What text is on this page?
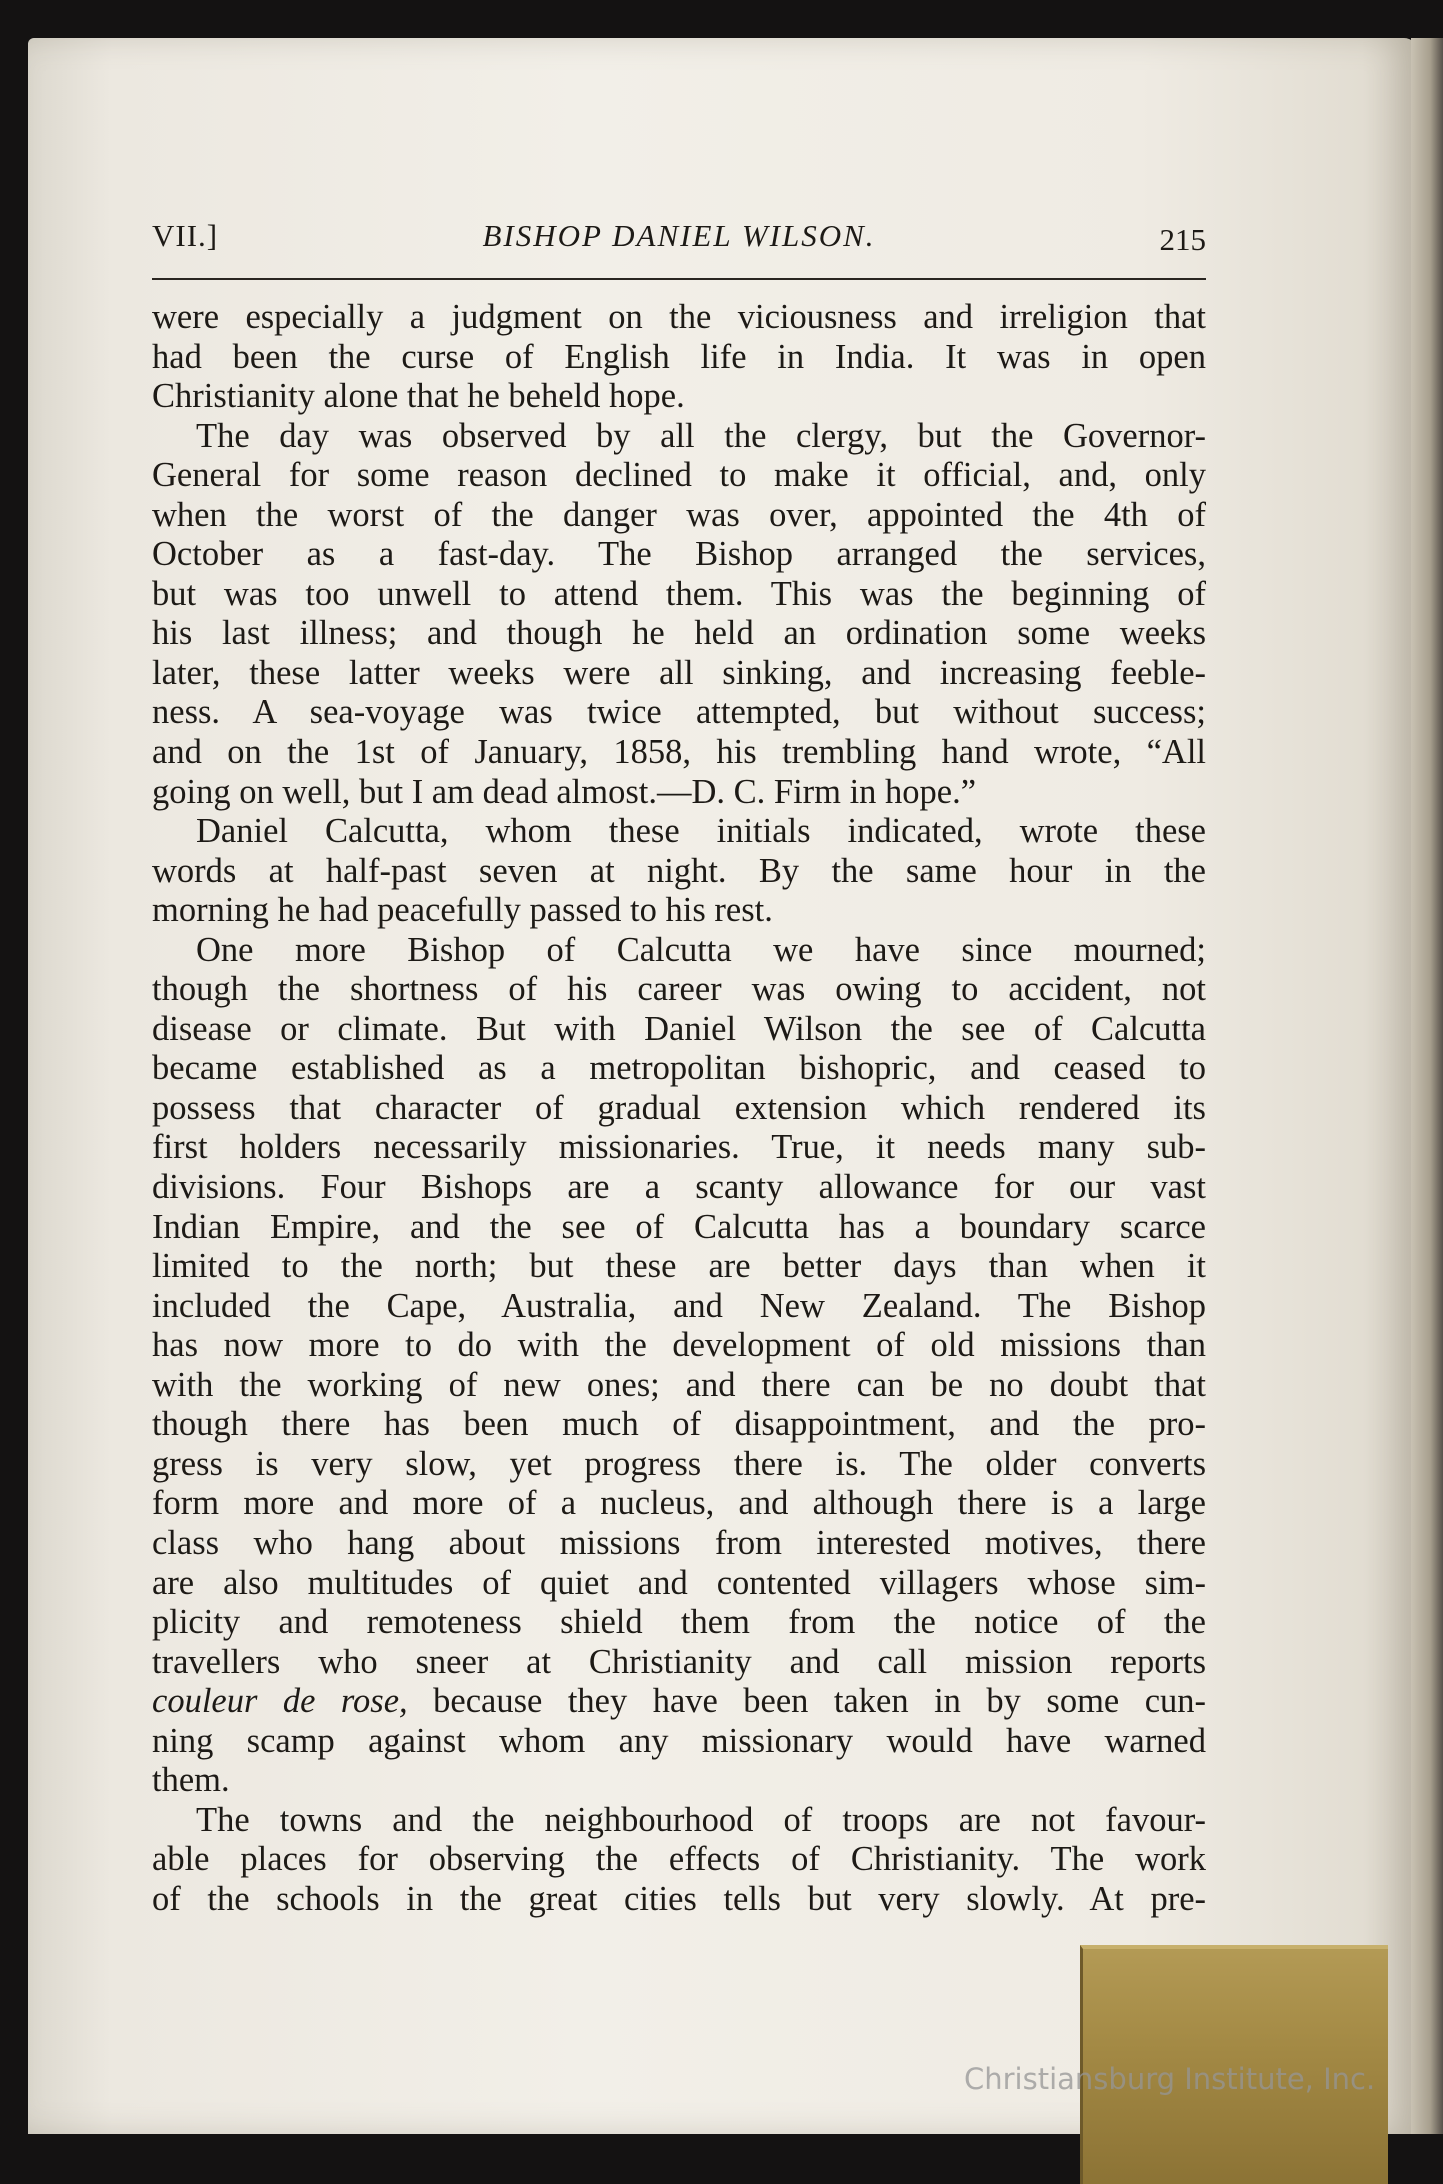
VII.]	BISHOP DANIEL WILSON.	215
were especially a judgment on the viciousness and irreligion that
had been the curse of English life in India. It was in open
Christianity alone that he beheld hope.
The day was observed by all the clergy, but the Governor-
General for some reason declined to make it official, and, only
when the worst of the danger was over, appointed the 4th of
October as a fast-day. The Bishop arranged the services,
but was too unwell to attend them. This was the beginning of
his last illness; and though he held an ordination some weeks
later, these latter weeks were all sinking, and increasing feeble-
ness. A sea-voyage was twice attempted, but without success;
and on the 1st of January, 1858, his trembling hand wrote, “All
going on well, but I am dead almost.—D. C. Firm in hope.”
Daniel Calcutta, whom these initials indicated, wrote these
words at half-past seven at night. By the same hour in the
morning he had peacefully passed to his rest.
One more Bishop of Calcutta we have since mourned;
though the shortness of his career was owing to accident, not
disease or climate. But with Daniel Wilson the see of Calcutta
became established as a metropolitan bishopric, and ceased to
possess that character of gradual extension which rendered its
first holders necessarily missionaries. True, it needs many sub-
divisions. Four Bishops are a scanty allowance for our vast
Indian Empire, and the see of Calcutta has a boundary scarce
limited to the north; but these are better days than when it
included the Cape, Australia, and New Zealand. The Bishop
has now more to do with the development of old missions than
with the working of new ones; and there can be no doubt that
though there has been much of disappointment, and the pro-
gress is very slow, yet progress there is. The older converts
form more and more of a nucleus, and although there is a large
class who hang about missions from interested motives, there
are also multitudes of quiet and contented villagers whose sim-
plicity and remoteness shield them from the notice of the
travellers who sneer at Christianity and call mission reports
couleur de rose, because they have been taken in by some cun-
ning scamp against whom any missionary would have warned
them.
The towns and the neighbourhood of troops are not favour-
able places for observing the effects of Christianity. The work
of the schools in the great cities tells but very slowly. At pre-
Christiansburg Institute, Inc.
